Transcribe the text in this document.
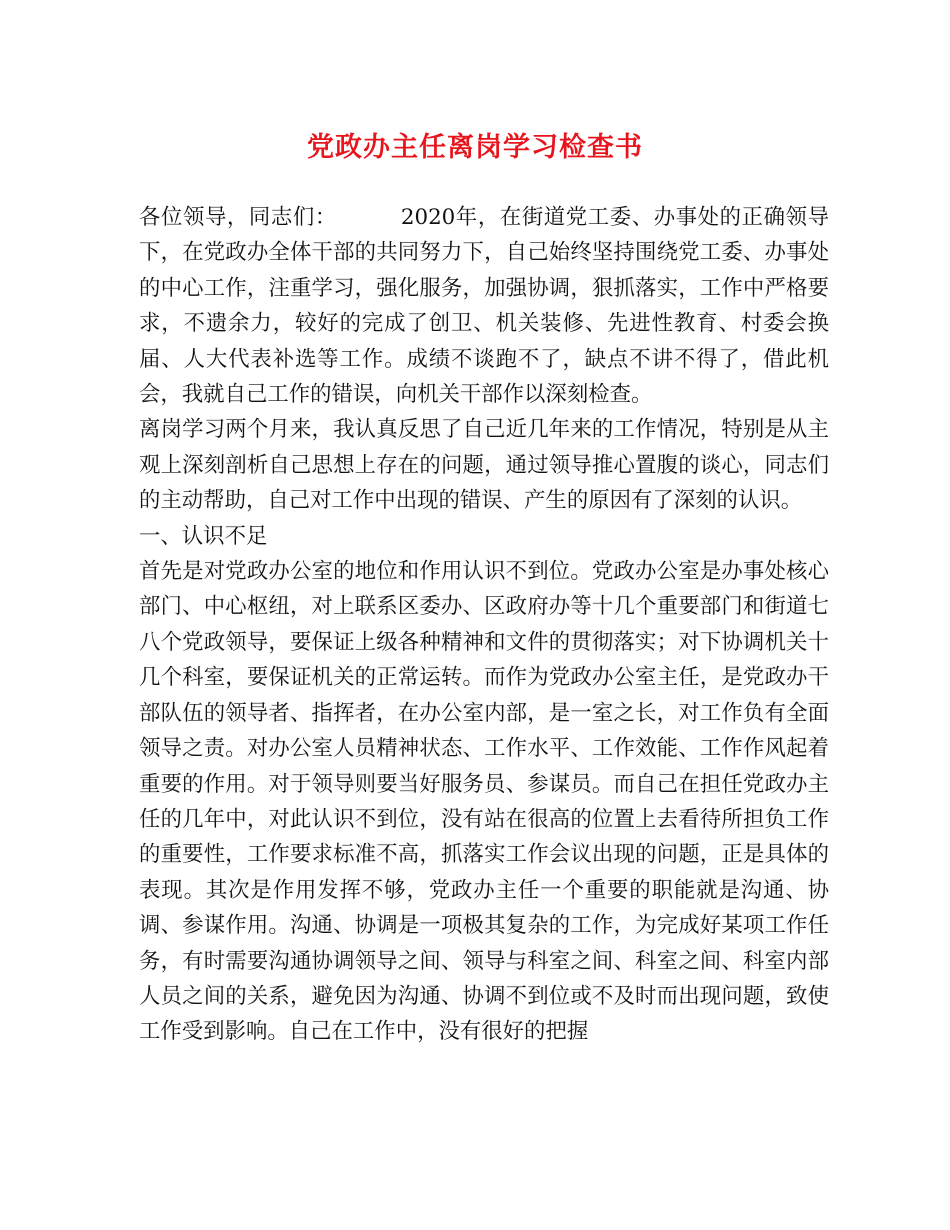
党政办主任离岗学习检查书

各位领导，同志们：	2020年，在街道党工委、办事处的正确领导下，在党政办全体干部的共同努力下，自己始终坚持围绕党工委、办事处的中心工作，注重学习，强化服务，加强协调，狠抓落实，工作中严格要求，不遗余力，较好的完成了创卫、机关装修、先进性教育、村委会换届、人大代表补选等工作。成绩不谈跑不了，缺点不讲不得了，借此机会，我就自己工作的错误，向机关干部作以深刻检查。

离岗学习两个月来，我认真反思了自己近几年来的工作情况，特别是从主观上深刻剖析自己思想上存在的问题，通过领导推心置腹的谈心，同志们的主动帮助，自己对工作中出现的错误、产生的原因有了深刻的认识。

一、认识不足

首先是对党政办公室的地位和作用认识不到位。党政办公室是办事处核心部门、中心枢纽，对上联系区委办、区政府办等十几个重要部门和街道七八个党政领导，要保证上级各种精神和文件的贯彻落实；对下协调机关十几个科室，要保证机关的正常运转。而作为党政办公室主任，是党政办干部队伍的领导者、指挥者，在办公室内部，是一室之长，对工作负有全面领导之责。对办公室人员精神状态、工作水平、工作效能、工作作风起着重要的作用。对于领导则要当好服务员、参谋员。而自己在担任党政办主任的几年中，对此认识不到位，没有站在很高的位置上去看待所担负工作的重要性，工作要求标准不高，抓落实工作会议出现的问题，正是具体的表现。其次是作用发挥不够，党政办主任一个重要的职能就是沟通、协调、参谋作用。沟通、协调是一项极其复杂的工作，为完成好某项工作任务，有时需要沟通协调领导之间、领导与科室之间、科室之间、科室内部人员之间的关系，避免因为沟通、协调不到位或不及时而出现问题，致使工作受到影响。自己在工作中，没有很好的把握
